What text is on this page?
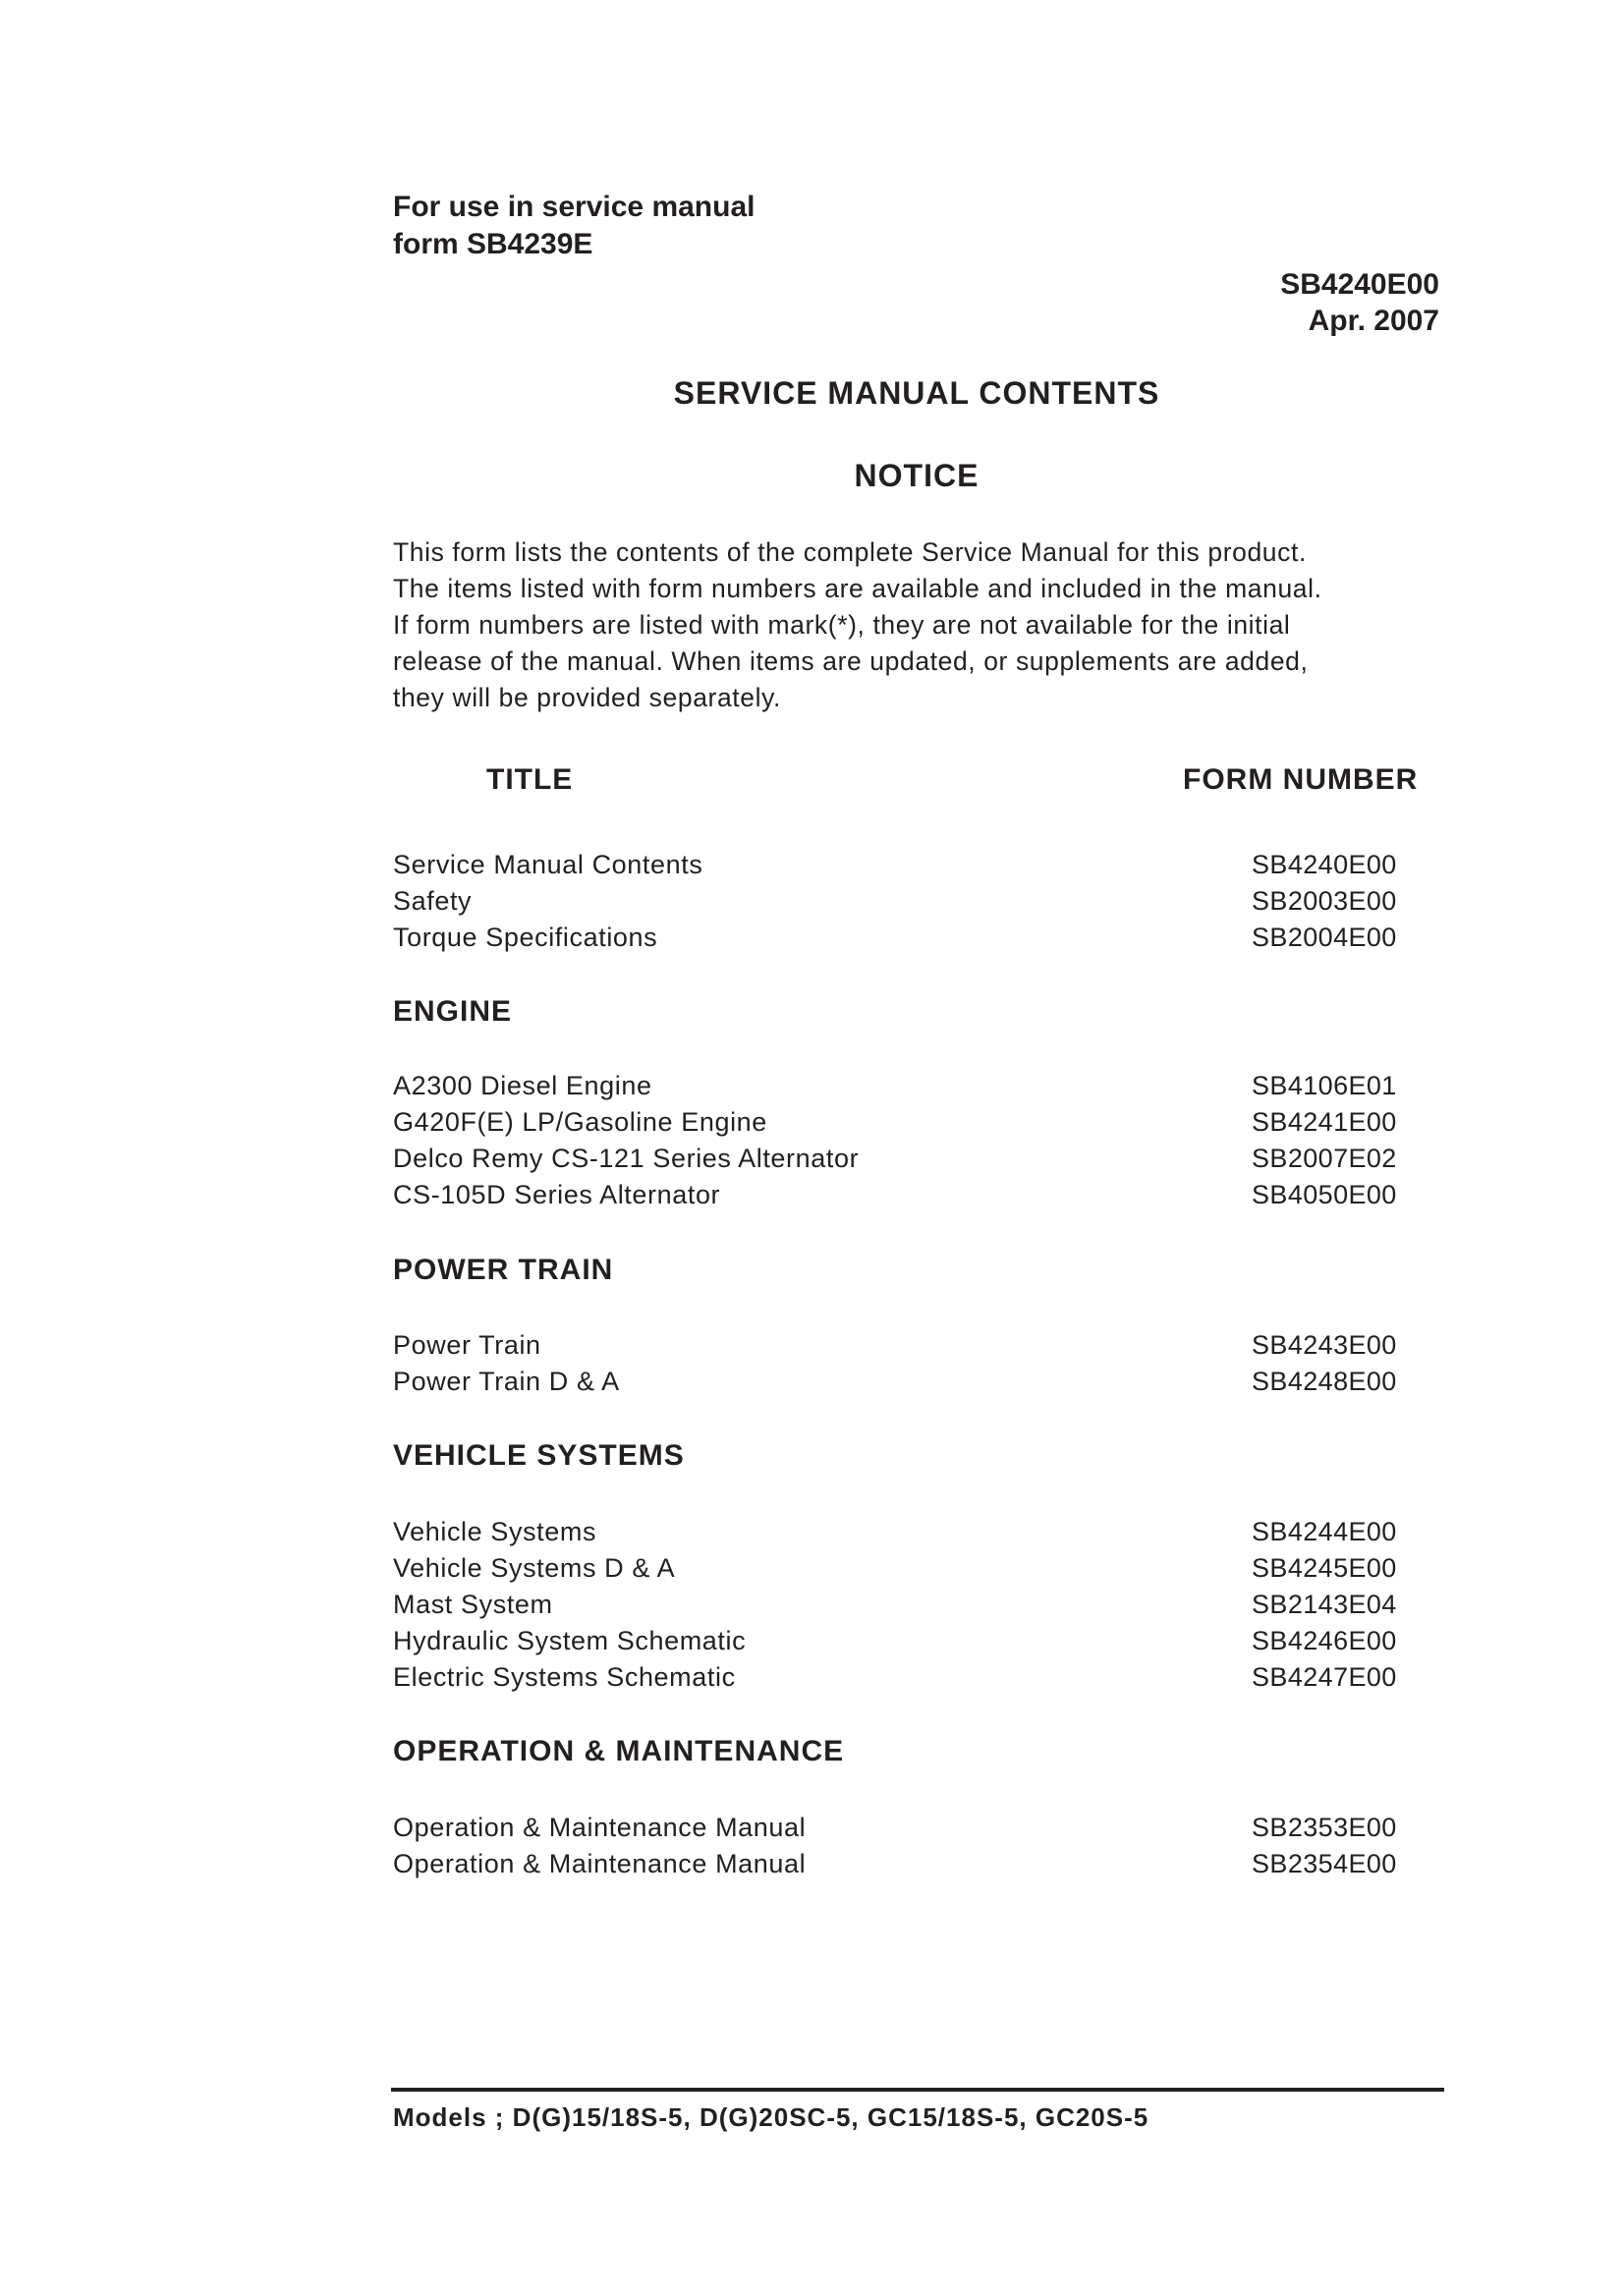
For use in service manual
form SB4239E
SB4240E00
Apr. 2007
SERVICE MANUAL CONTENTS
NOTICE
This form lists the contents of the complete Service Manual for this product.
The items listed with form numbers are available and included in the manual.
If form numbers are listed with mark(*), they are not available for the initial
release of the manual. When items are updated, or supplements are added,
they will be provided separately.
TITLE	FORM NUMBER
Service Manual Contents	SB4240E00
Safety	SB2003E00
Torque Specifications	SB2004E00
ENGINE
A2300 Diesel Engine	SB4106E01
G420F(E) LP/Gasoline Engine	SB4241E00
Delco Remy CS-121 Series Alternator	SB2007E02
CS-105D Series Alternator	SB4050E00
POWER TRAIN
Power Train	SB4243E00
Power Train D & A	SB4248E00
VEHICLE SYSTEMS
Vehicle Systems	SB4244E00
Vehicle Systems D & A	SB4245E00
Mast System	SB2143E04
Hydraulic System Schematic	SB4246E00
Electric Systems Schematic	SB4247E00
OPERATION & MAINTENANCE
Operation & Maintenance Manual	SB2353E00
Operation & Maintenance Manual	SB2354E00
Models ; D(G)15/18S-5, D(G)20SC-5, GC15/18S-5, GC20S-5
